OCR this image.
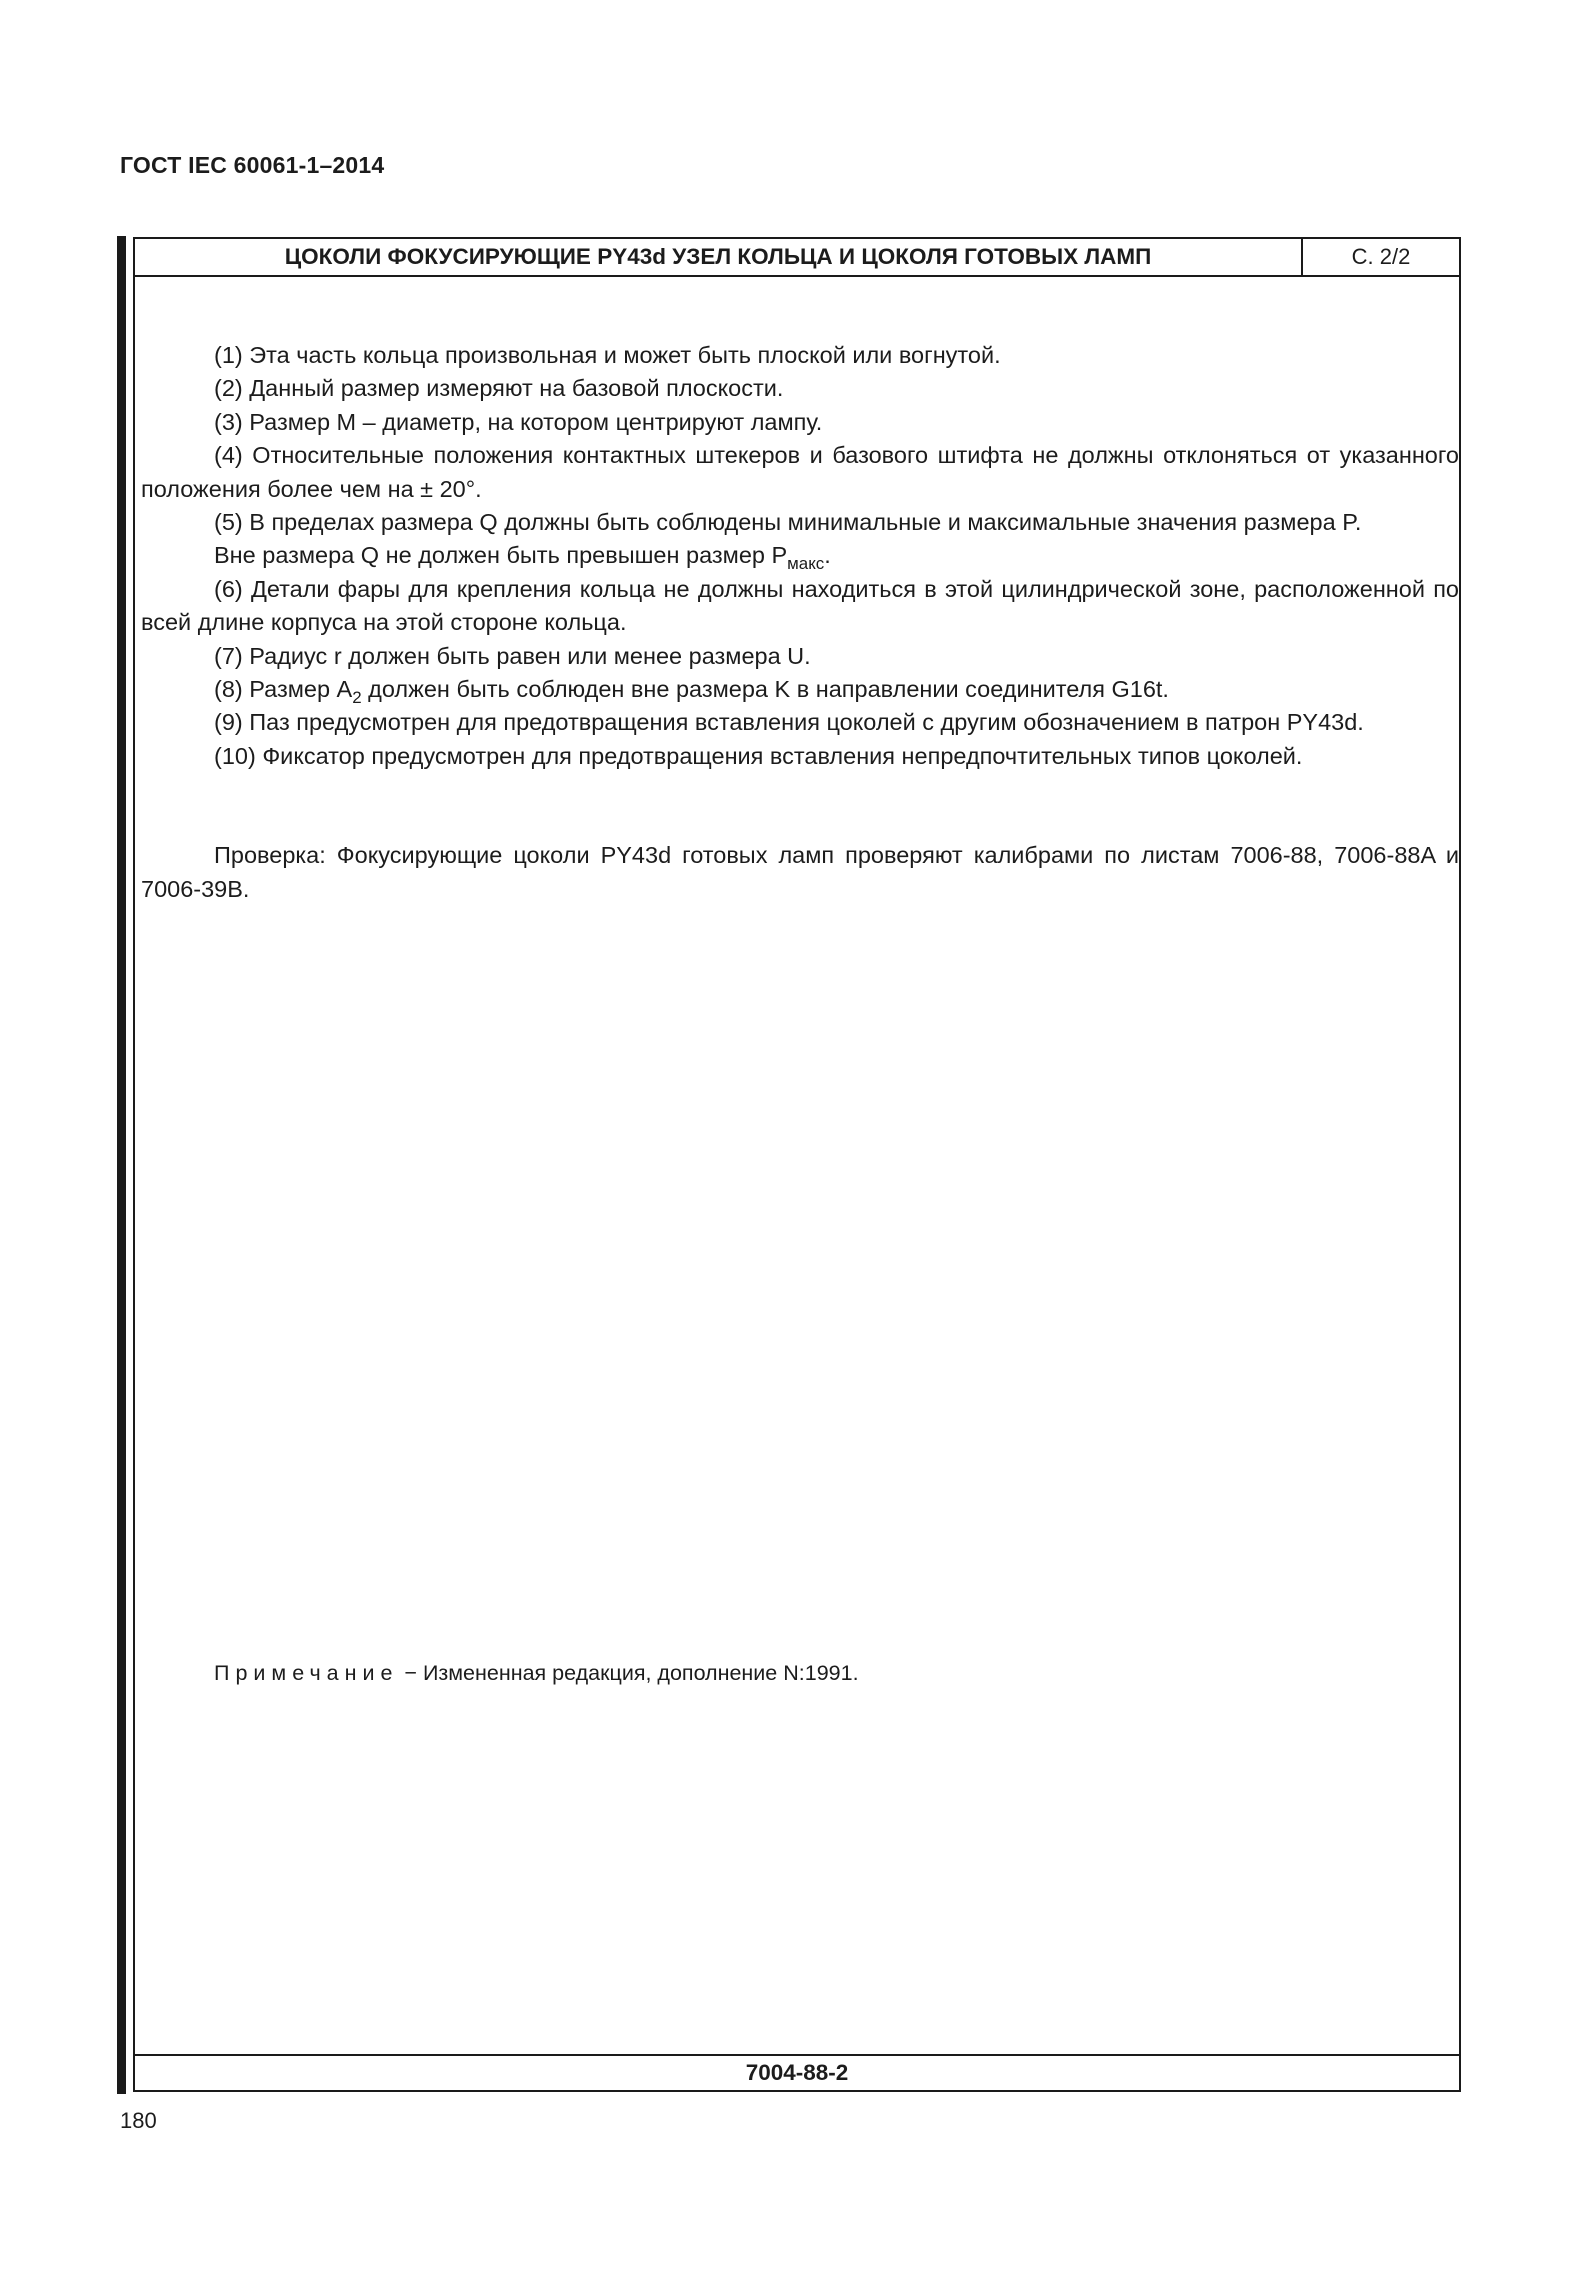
ГОСТ IEC 60061-1–2014
ЦОКОЛИ ФОКУСИРУЮЩИЕ PY43d УЗЕЛ КОЛЬЦА И ЦОКОЛЯ ГОТОВЫХ ЛАМП	С. 2/2

(1) Эта часть кольца произвольная и может быть плоской или вогнутой.

(2) Данный размер измеряют на базовой плоскости.

(3) Размер M – диаметр, на котором центрируют лампу.

(4) Относительные положения контактных штекеров и базового штифта не должны отклоняться от указанного положения более чем на ± 20°.

(5) В пределах размера Q должны быть соблюдены минимальные и максимальные значения размера P.

Вне размера Q не должен быть превышен размер $P_{макс}$.

(6) Детали фары для крепления кольца не должны находиться в этой цилиндрической зоне, расположенной по всей длине корпуса на этой стороне кольца.

(7) Радиус r должен быть равен или менее размера U.

(8) Размер $A_2$ должен быть соблюден вне размера K в направлении соединителя G16t.

(9) Паз предусмотрен для предотвращения вставления цоколей с другим обозначением в патрон PY43d.

(10) Фиксатор предусмотрен для предотвращения вставления непредпочтительных типов цоколей.

Проверка: Фокусирующие цоколи PY43d готовых ламп проверяют калибрами по листам 7006-88, 7006-88A и 7006-39B.

Примечание − Измененная редакция, дополнение N:1991.
7004-88-2
180
